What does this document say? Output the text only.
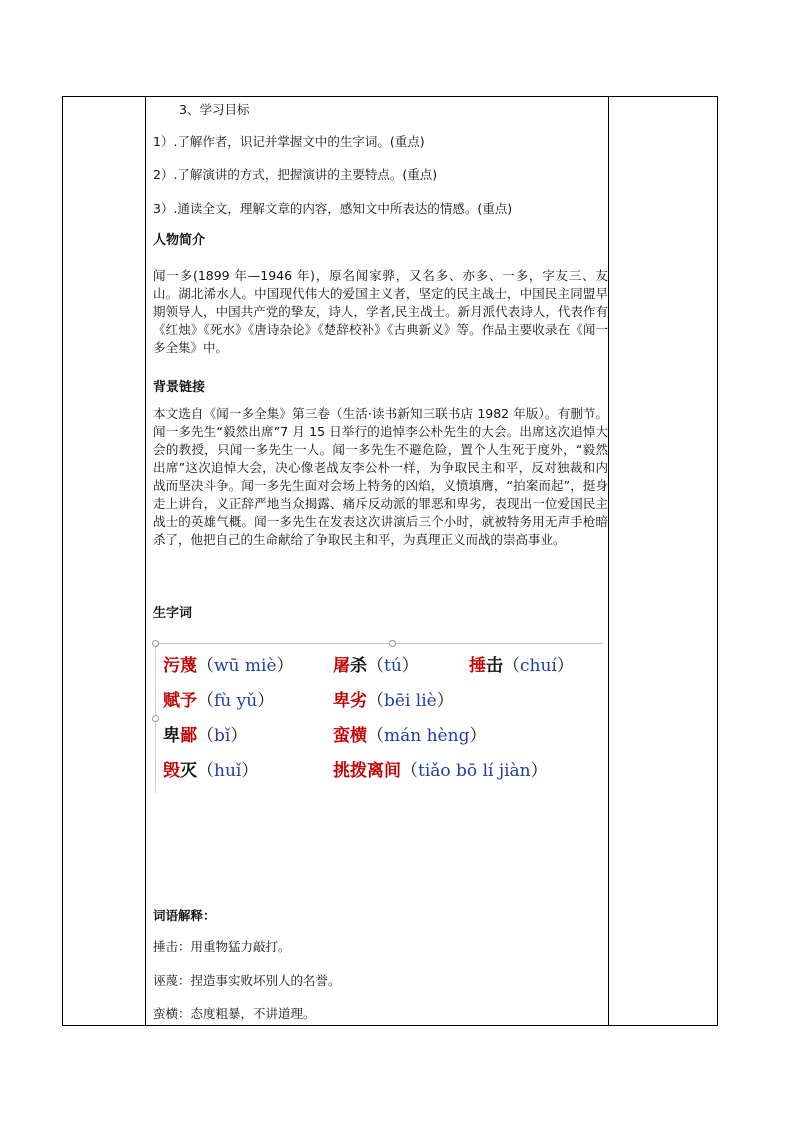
3、学习目标
1）.了解作者，识记并掌握文中的生字词。(重点)
2）.了解演讲的方式，把握演讲的主要特点。(重点)
3）.通读全文，理解文章的内容，感知文中所表达的情感。(重点)
人物简介
闻一多(1899 年—1946 年)，原名闻家骅，又名多、亦多、一多，字友三、友山。湖北浠水人。中国现代伟大的爱国主义者，坚定的民主战士，中国民主同盟早期领导人，中国共产党的挚友，诗人，学者,民主战士。新月派代表诗人，代表作有《红烛》《死水》《唐诗杂论》《楚辞校补》《古典新义》等。作品主要收录在《闻一多全集》中。
背景链接
本文选自《闻一多全集》第三卷（生活·读书新知三联书店 1982 年版）。有删节。闻一多先生“毅然出席”7 月 15 日举行的追悼李公朴先生的大会。出席这次追悼大会的教授，只闻一多先生一人。闻一多先生不避危险，置个人生死于度外，“毅然出席”这次追悼大会，决心像老战友李公朴一样，为争取民主和平，反对独裁和内战而坚决斗争。闻一多先生面对会场上特务的凶焰，义愤填膺，“拍案而起”，挺身走上讲台，义正辞严地当众揭露、痛斥反动派的罪恶和卑劣，表现出一位爱国民主战士的英雄气概。闻一多先生在发表这次讲演后三个小时，就被特务用无声手枪暗杀了，他把自己的生命献给了争取民主和平，为真理正义而战的崇高事业。
生字词
污蔑（wū miè） 屠杀（tú）	捶击（chuí）
赋予（fù yǔ）	卑劣（bēi liè）
卑鄙（bǐ）	蛮横（mán hèng）
毁灭（huǐ）	挑拨离间（tiǎo bō lí jiàn）
词语解释：
捶击：用重物猛力敲打。
诬蔑：捏造事实败坏别人的名誉。
蛮横：态度粗暴，不讲道理。
